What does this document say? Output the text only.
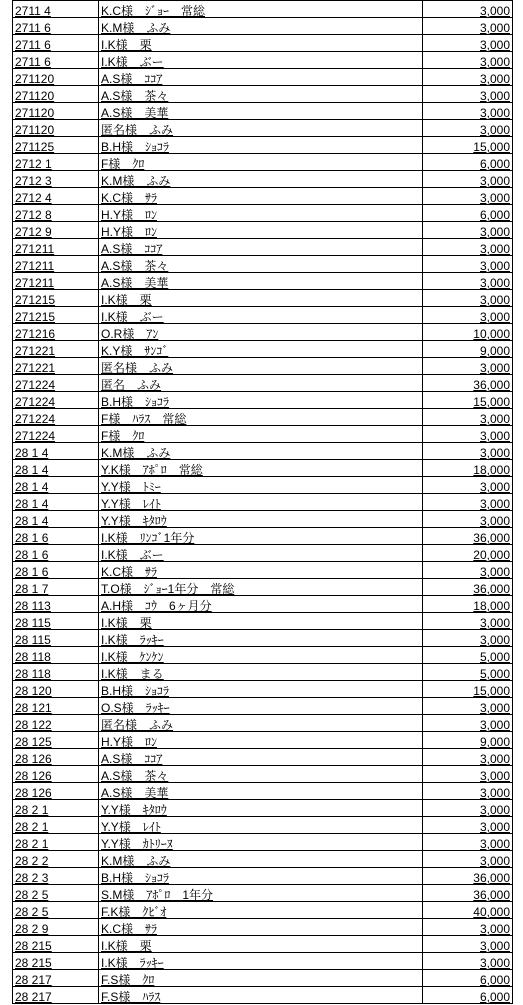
2711 4	K.C様　ｼﾞｮｰ　常総	3,000
2711 6	K.M様　ふみ	3,000
2711 6	I.K様　栗	3,000
2711 6	I.K様　ぶー	3,000
271120	A.S様　ｺｺｱ	3,000
271120	A.S様　茶々	3,000
271120	A.S様　美華	3,000
271120	匿名様　ふみ	3,000
271125	B.H様　ｼｮｺﾗ	15,000
2712 1	F様　ｸﾛ	6,000
2712 3	K.M様　ふみ	3,000
2712 4	K.C様　ｻﾗ	3,000
2712 8	H.Y様　ﾛﾝ	6,000
2712 9	H.Y様　ﾛﾝ	3,000
271211	A.S様　ｺｺｱ	3,000
271211	A.S様　茶々	3,000
271211	A.S様　美華	3,000
271215	I.K様　栗	3,000
271215	I.K様　ぶー	3,000
271216	O.R様　ｱﾝ	10,000
271221	K.Y様　ｻﾝｺﾞ	9,000
271221	匿名様　ふみ	3,000
271224	匿名　ふみ	36,000
271224	B.H様　ｼｮｺﾗ	15,000
271224	F様　ﾊﾗｽ　常総	3,000
271224	F様　ｸﾛ	3,000
28 1 4	K.M様　ふみ	3,000
28 1 4	Y.K様　ｱﾎﾟﾛ　常総	18,000
28 1 4	Y.Y様　ﾄﾐｰ	3,000
28 1 4	Y.Y様　ﾚｲﾄ	3,000
28 1 4	Y.Y様　ｷﾀﾛｳ	3,000
28 1 6	I.K様　ﾘﾝｺﾞ1年分	36,000
28 1 6	I.K様　ぶー	20,000
28 1 6	K.C様　ｻﾗ	3,000
28 1 7	T.O様　ｼﾞｮｰ1年分　常総	36,000
28 113	A.H様　ｺｳ　6ヶ月分	18,000
28 115	I.K様　栗	3,000
28 115	I.K様　ﾗｯｷｰ	3,000
28 118	I.K様　ｹﾝｹﾝ	5,000
28 118	I.K様　まる	5,000
28 120	B.H様　ｼｮｺﾗ	15,000
28 121	O.S様　ﾗｯｷｰ	3,000
28 122	匿名様　ふみ	3,000
28 125	H.Y様　ﾛﾝ	9,000
28 126	A.S様　ｺｺｱ	3,000
28 126	A.S様　茶々	3,000
28 126	A.S様　美華	3,000
28 2 1	Y.Y様　ｷﾀﾛｳ	3,000
28 2 1	Y.Y様　ﾚｲﾄ	3,000
28 2 1	Y.Y様　ｶﾄﾘｰﾇ	3,000
28 2 2	K.M様　ふみ	3,000
28 2 3	B.H様　ｼｮｺﾗ	36,000
28 2 5	S.M様　ｱﾎﾟﾛ　1年分	36,000
28 2 5	F.K様　ｸﾋﾞｵ	40,000
28 2 9	K.C様　ｻﾗ	3,000
28 215	I.K様　栗	3,000
28 215	I.K様　ﾗｯｷｰ	3,000
28 217	F.S様　ｸﾛ	6,000
28 217	F.S様　ﾊﾗｽ	6,000
